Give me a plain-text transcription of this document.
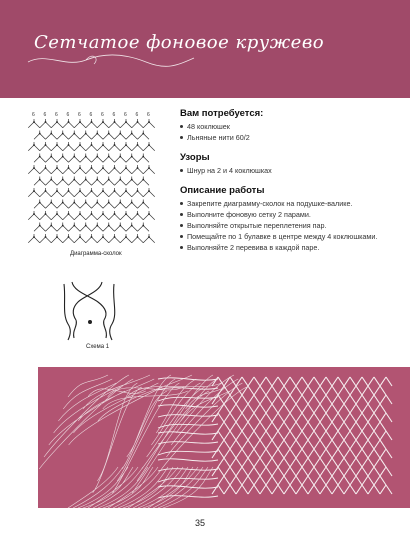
Сетчатое фоновое кружево
6 6 6 6 6 6 6 6 6 6 6
Диаграмма-сколок
Схема 1
Вам потребуется:
48 коклюшек
Льняные нити 60/2
Узоры
Шнур на 2 и 4 коклюшках
Описание работы
Закрепите диаграмму-сколок на подушке-валике.
Выполните фоновую сетку 2 парами.
Выполняйте открытые переплетения пар.
Помещайте по 1 булавке в центре между 4 коклюшками.
Выполняйте 2 перевива в каждой паре.
35
